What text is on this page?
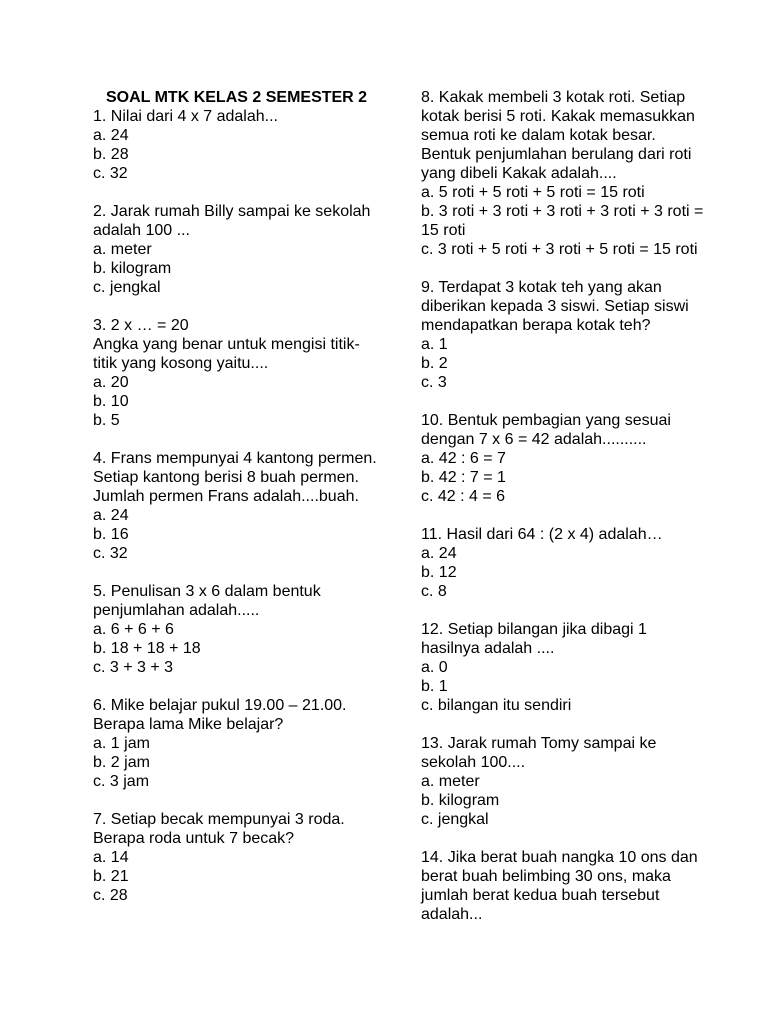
SOAL MTK KELAS 2 SEMESTER 2
1. Nilai dari 4 x 7 adalah...
a. 24
b. 28
c. 32
2. Jarak rumah Billy sampai ke sekolah
adalah 100 ...
a. meter
b. kilogram
c. jengkal
3. 2 x … = 20
Angka yang benar untuk mengisi titik-
titik yang kosong yaitu....
a. 20
b. 10
b. 5
4. Frans mempunyai 4 kantong permen.
Setiap kantong berisi 8 buah permen.
Jumlah permen Frans adalah....buah.
a. 24
b. 16
c. 32
5. Penulisan 3 x 6 dalam bentuk
penjumlahan adalah.....
a. 6 + 6 + 6
b. 18 + 18 + 18
c. 3 + 3 + 3
6. Mike belajar pukul 19.00 – 21.00.
Berapa lama Mike belajar?
a. 1 jam
b. 2 jam
c. 3 jam
7. Setiap becak mempunyai 3 roda.
Berapa roda untuk 7 becak?
a. 14
b. 21
c. 28
8. Kakak membeli 3 kotak roti. Setiap
kotak berisi 5 roti. Kakak memasukkan
semua roti ke dalam kotak besar.
Bentuk penjumlahan berulang dari roti
yang dibeli Kakak adalah....
a. 5 roti + 5 roti + 5 roti = 15 roti
b. 3 roti + 3 roti + 3 roti + 3 roti + 3 roti =
15 roti
c. 3 roti + 5 roti + 3 roti + 5 roti = 15 roti
9. Terdapat 3 kotak teh yang akan
diberikan kepada 3 siswi. Setiap siswi
mendapatkan berapa kotak teh?
a. 1
b. 2
c. 3
10. Bentuk pembagian yang sesuai
dengan 7 x 6 = 42 adalah..........
a. 42 : 6 = 7
b. 42 : 7 = 1
c. 42 : 4 = 6
11. Hasil dari 64 : (2 x 4) adalah…
a. 24
b. 12
c. 8
12. Setiap bilangan jika dibagi 1
hasilnya adalah ....
a. 0
b. 1
c. bilangan itu sendiri
13. Jarak rumah Tomy sampai ke
sekolah 100....
a. meter
b. kilogram
c. jengkal
14. Jika berat buah nangka 10 ons dan
berat buah belimbing 30 ons, maka
jumlah berat kedua buah tersebut
adalah...
